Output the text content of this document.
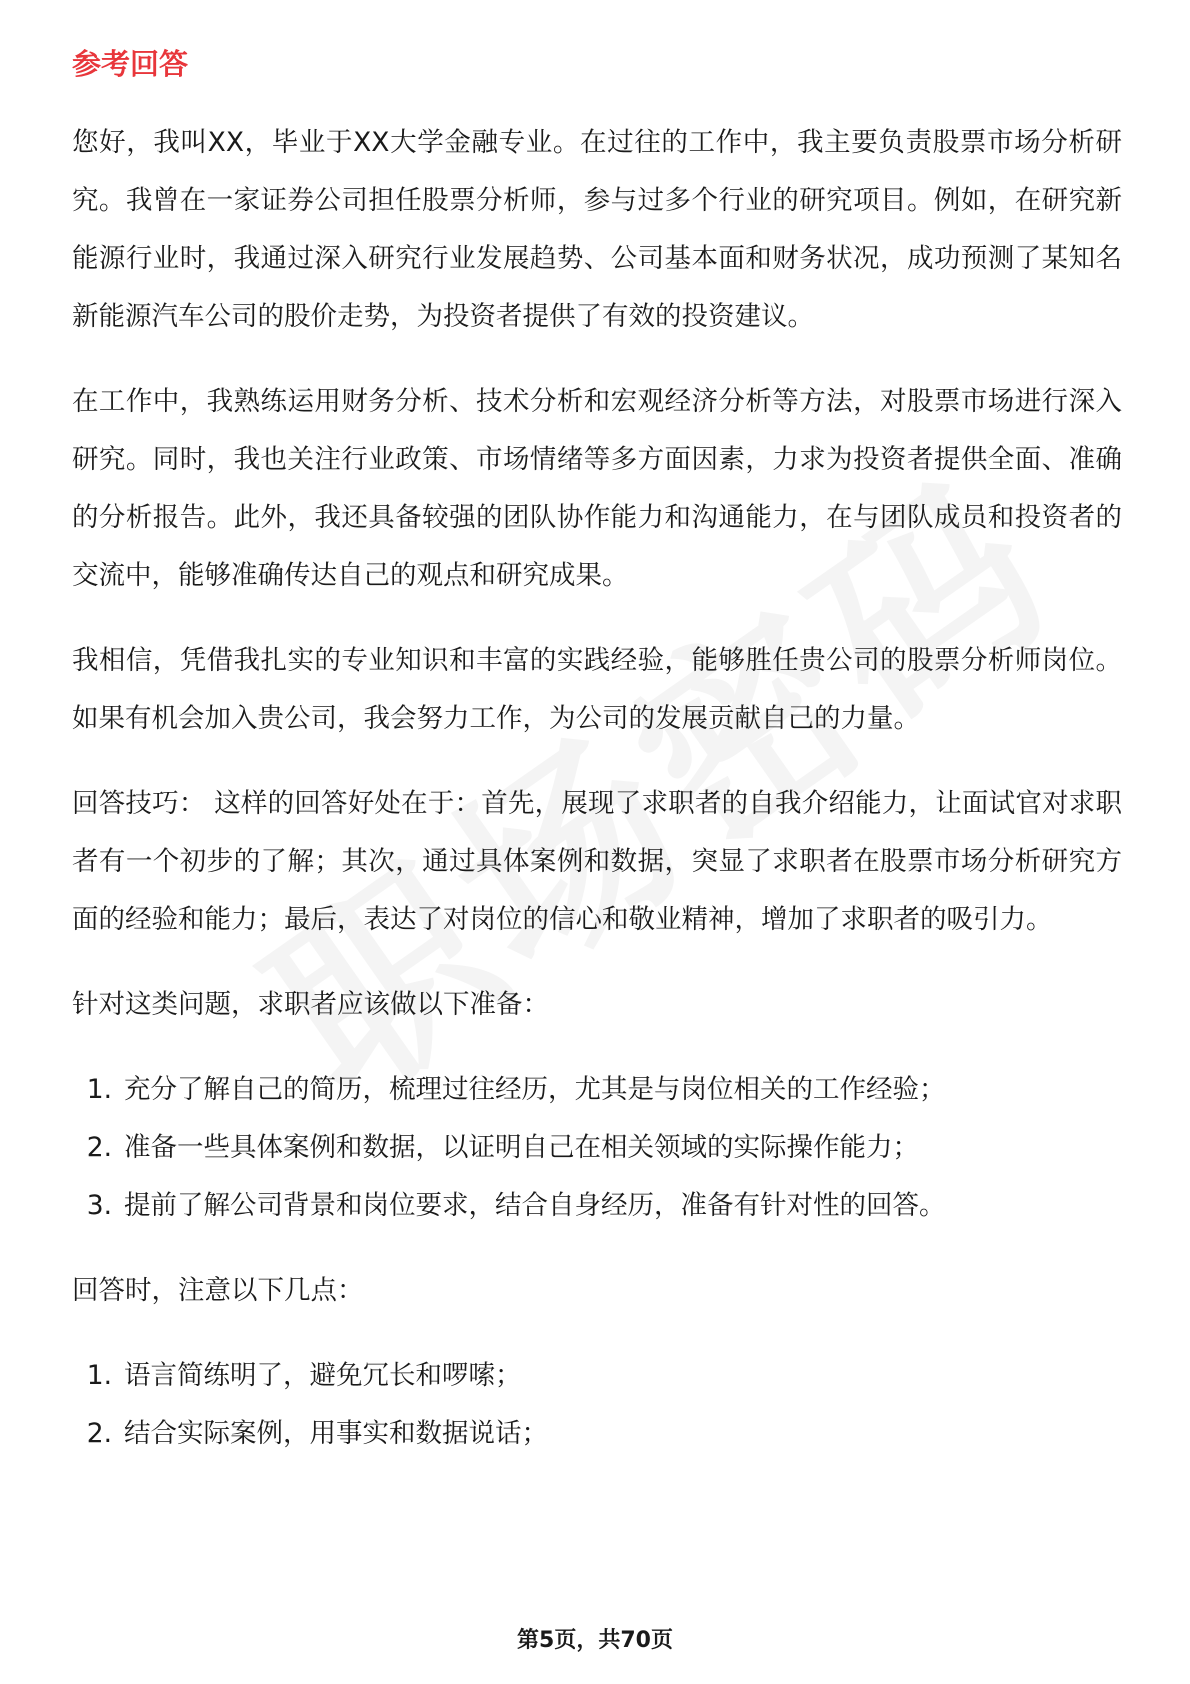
参考回答

您好，我叫XX，毕业于XX大学金融专业。在过往的工作中，我主要负责股票市场分析研究。我曾在一家证券公司担任股票分析师，参与过多个行业的研究项目。例如，在研究新能源行业时，我通过深入研究行业发展趋势、公司基本面和财务状况，成功预测了某知名新能源汽车公司的股价走势，为投资者提供了有效的投资建议。

在工作中，我熟练运用财务分析、技术分析和宏观经济分析等方法，对股票市场进行深入研究。同时，我也关注行业政策、市场情绪等多方面因素，力求为投资者提供全面、准确的分析报告。此外，我还具备较强的团队协作能力和沟通能力，在与团队成员和投资者的交流中，能够准确传达自己的观点和研究成果。

我相信，凭借我扎实的专业知识和丰富的实践经验，能够胜任贵公司的股票分析师岗位。如果有机会加入贵公司，我会努力工作，为公司的发展贡献自己的力量。

回答技巧： 这样的回答好处在于：首先，展现了求职者的自我介绍能力，让面试官对求职者有一个初步的了解；其次，通过具体案例和数据，突显了求职者在股票市场分析研究方面的经验和能力；最后，表达了对岗位的信心和敬业精神，增加了求职者的吸引力。

针对这类问题，求职者应该做以下准备：

1. 充分了解自己的简历，梳理过往经历，尤其是与岗位相关的工作经验；
2. 准备一些具体案例和数据，以证明自己在相关领域的实际操作能力；
3. 提前了解公司背景和岗位要求，结合自身经历，准备有针对性的回答。

回答时，注意以下几点：

1. 语言简练明了，避免冗长和啰嗦；
2. 结合实际案例，用事实和数据说话；
第5页，共70页
